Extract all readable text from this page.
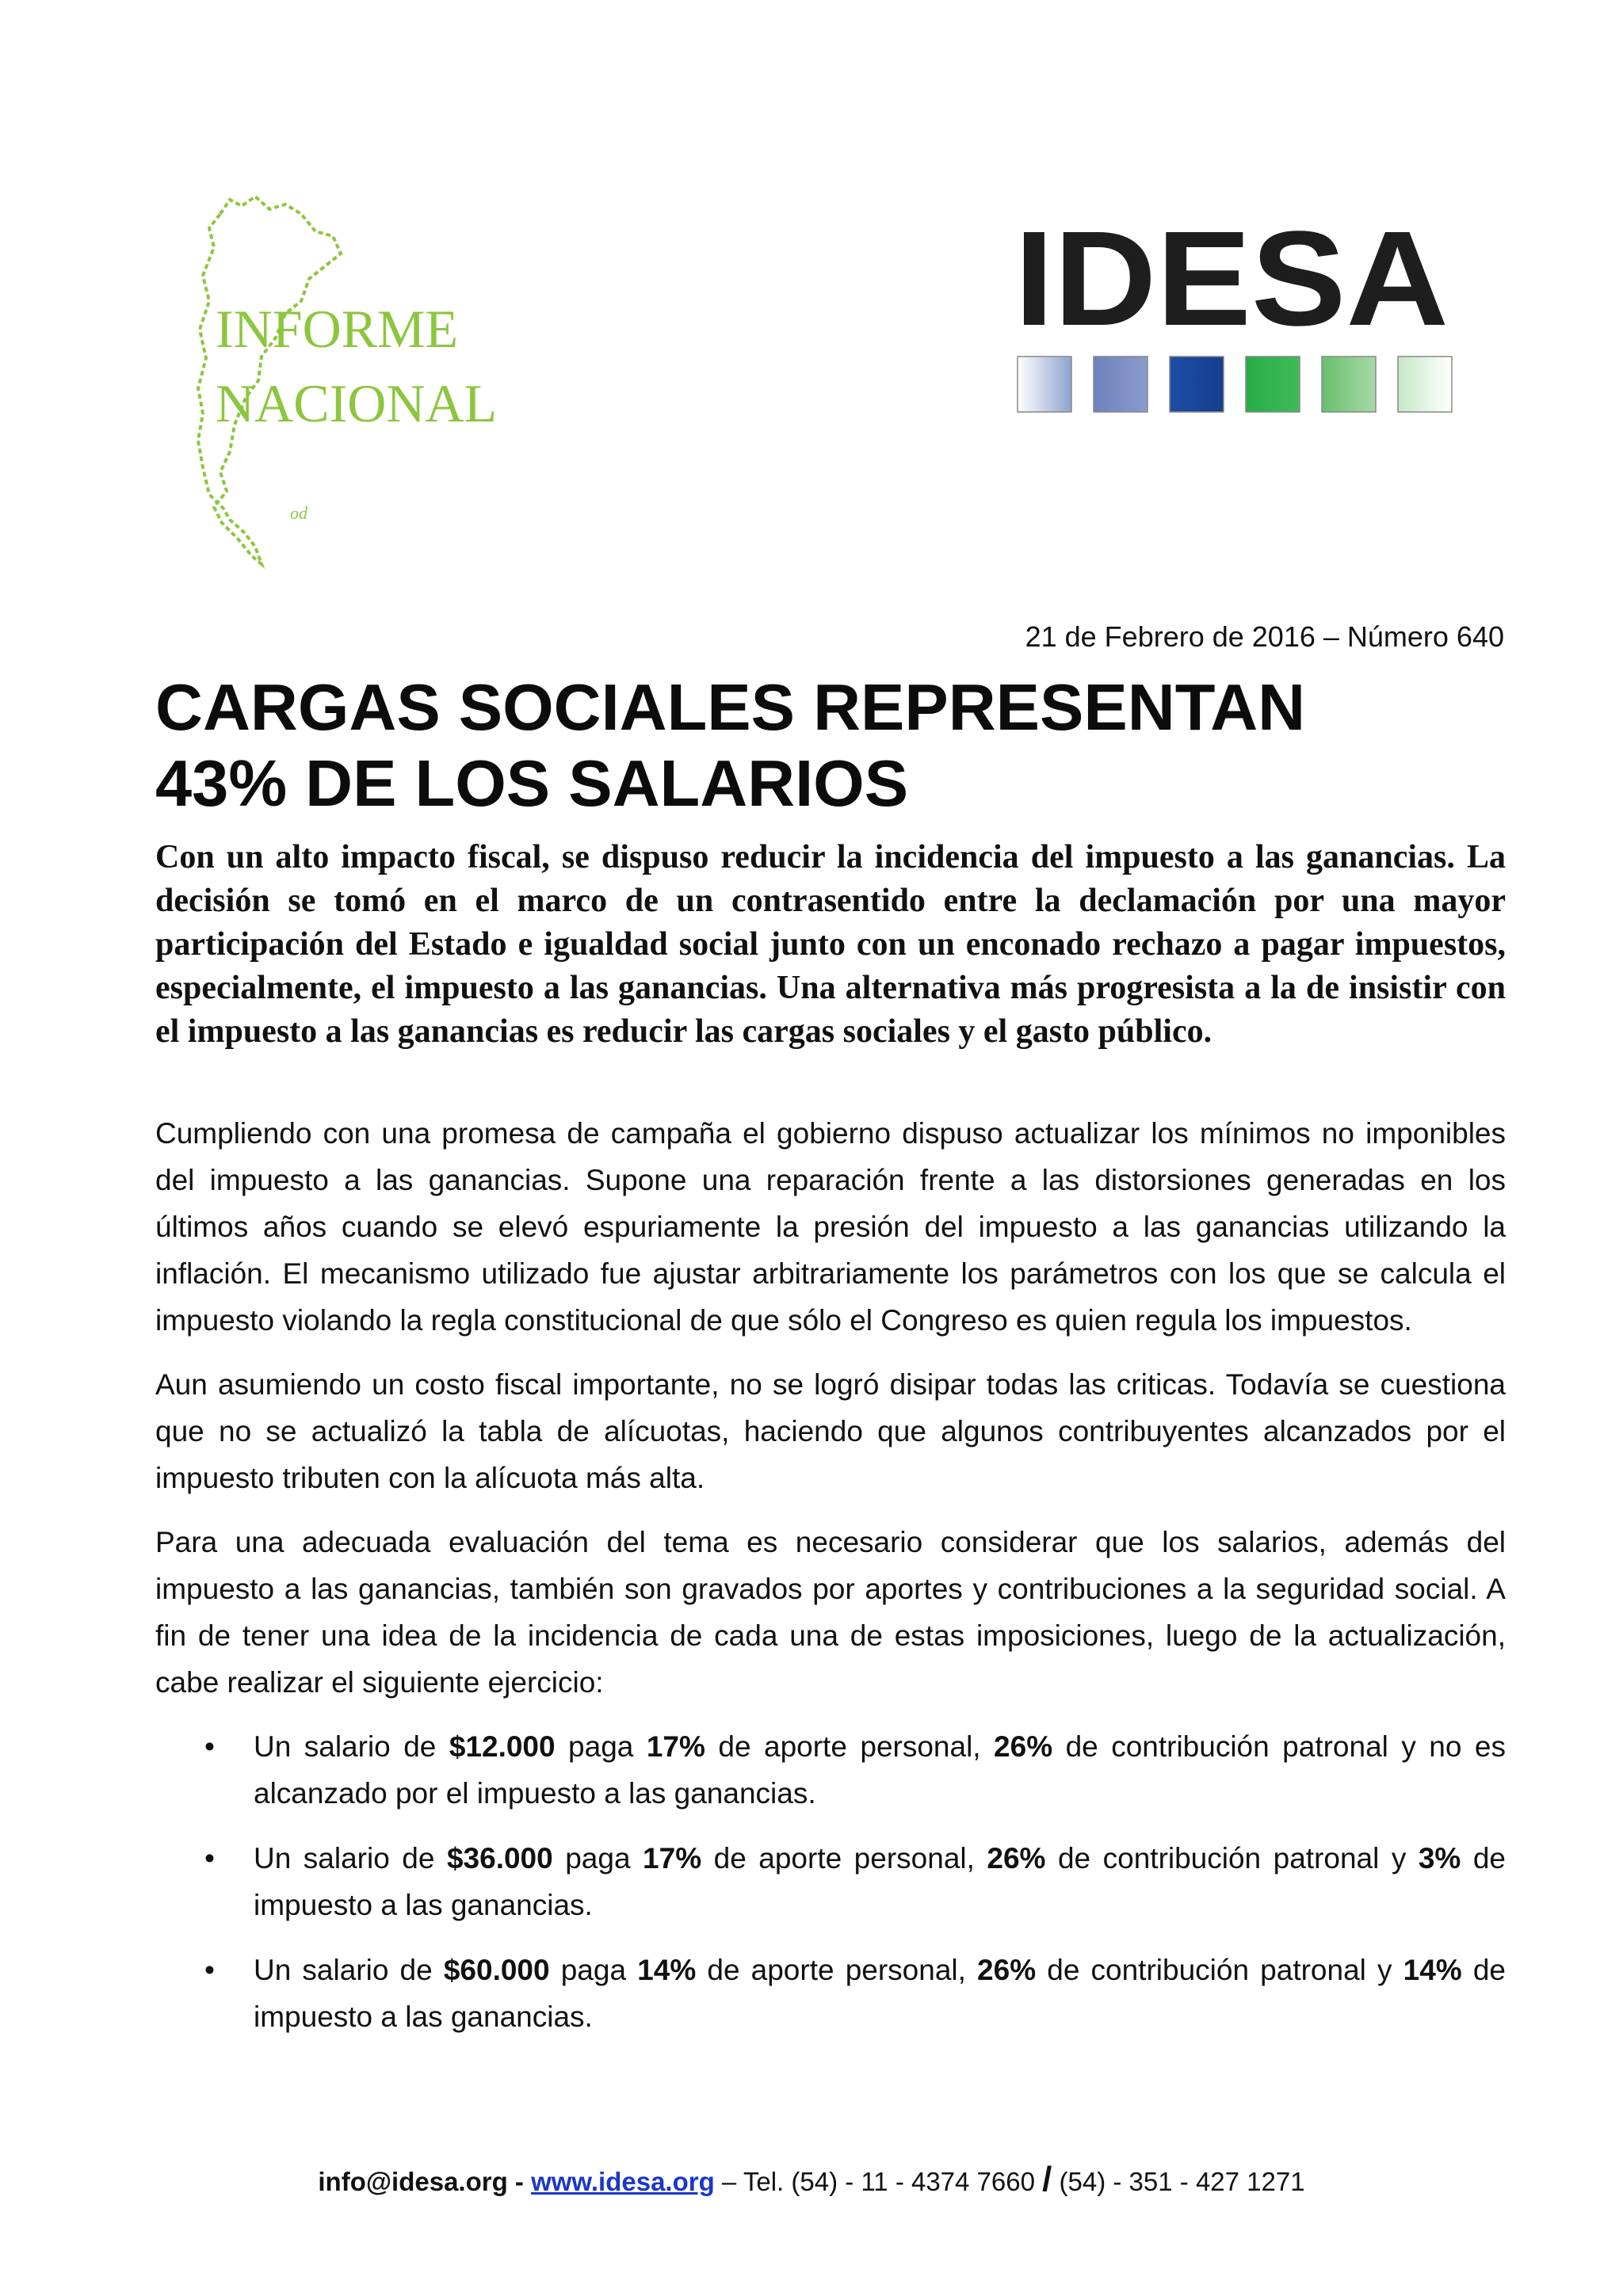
INFORME
NACIONAL
od
IDESA
21 de Febrero de 2016 – Número 640
CARGAS SOCIALES REPRESENTAN
43% DE LOS SALARIOS

Con un alto impacto fiscal, se dispuso reducir la incidencia del impuesto a las ganancias. La decisión se tomó en el marco de un contrasentido entre la declamación por una mayor participación del Estado e igualdad social junto con un enconado rechazo a pagar impuestos, especialmente, el impuesto a las ganancias. Una alternativa más progresista a la de insistir con el impuesto a las ganancias es reducir las cargas sociales y el gasto público.

Cumpliendo con una promesa de campaña el gobierno dispuso actualizar los mínimos no imponibles del impuesto a las ganancias. Supone una reparación frente a las distorsiones generadas en los últimos años cuando se elevó espuriamente la presión del impuesto a las ganancias utilizando la inflación. El mecanismo utilizado fue ajustar arbitrariamente los parámetros con los que se calcula el impuesto violando la regla constitucional de que sólo el Congreso es quien regula los impuestos.

Aun asumiendo un costo fiscal importante, no se logró disipar todas las criticas. Todavía se cuestiona que no se actualizó la tabla de alícuotas, haciendo que algunos contribuyentes alcanzados por el impuesto tributen con la alícuota más alta.

Para una adecuada evaluación del tema es necesario considerar que los salarios, además del impuesto a las ganancias, también son gravados por aportes y contribuciones a la seguridad social. A fin de tener una idea de la incidencia de cada una de estas imposiciones, luego de la actualización, cabe realizar el siguiente ejercicio:

• Un salario de $12.000 paga 17% de aporte personal, 26% de contribución patronal y no es alcanzado por el impuesto a las ganancias.
• Un salario de $36.000 paga 17% de aporte personal, 26% de contribución patronal y 3% de impuesto a las ganancias.
• Un salario de $60.000 paga 14% de aporte personal, 26% de contribución patronal y 14% de impuesto a las ganancias.
info@idesa.org - www.idesa.org – Tel. (54) - 11 - 4374 7660 / (54) - 351 - 427 1271
